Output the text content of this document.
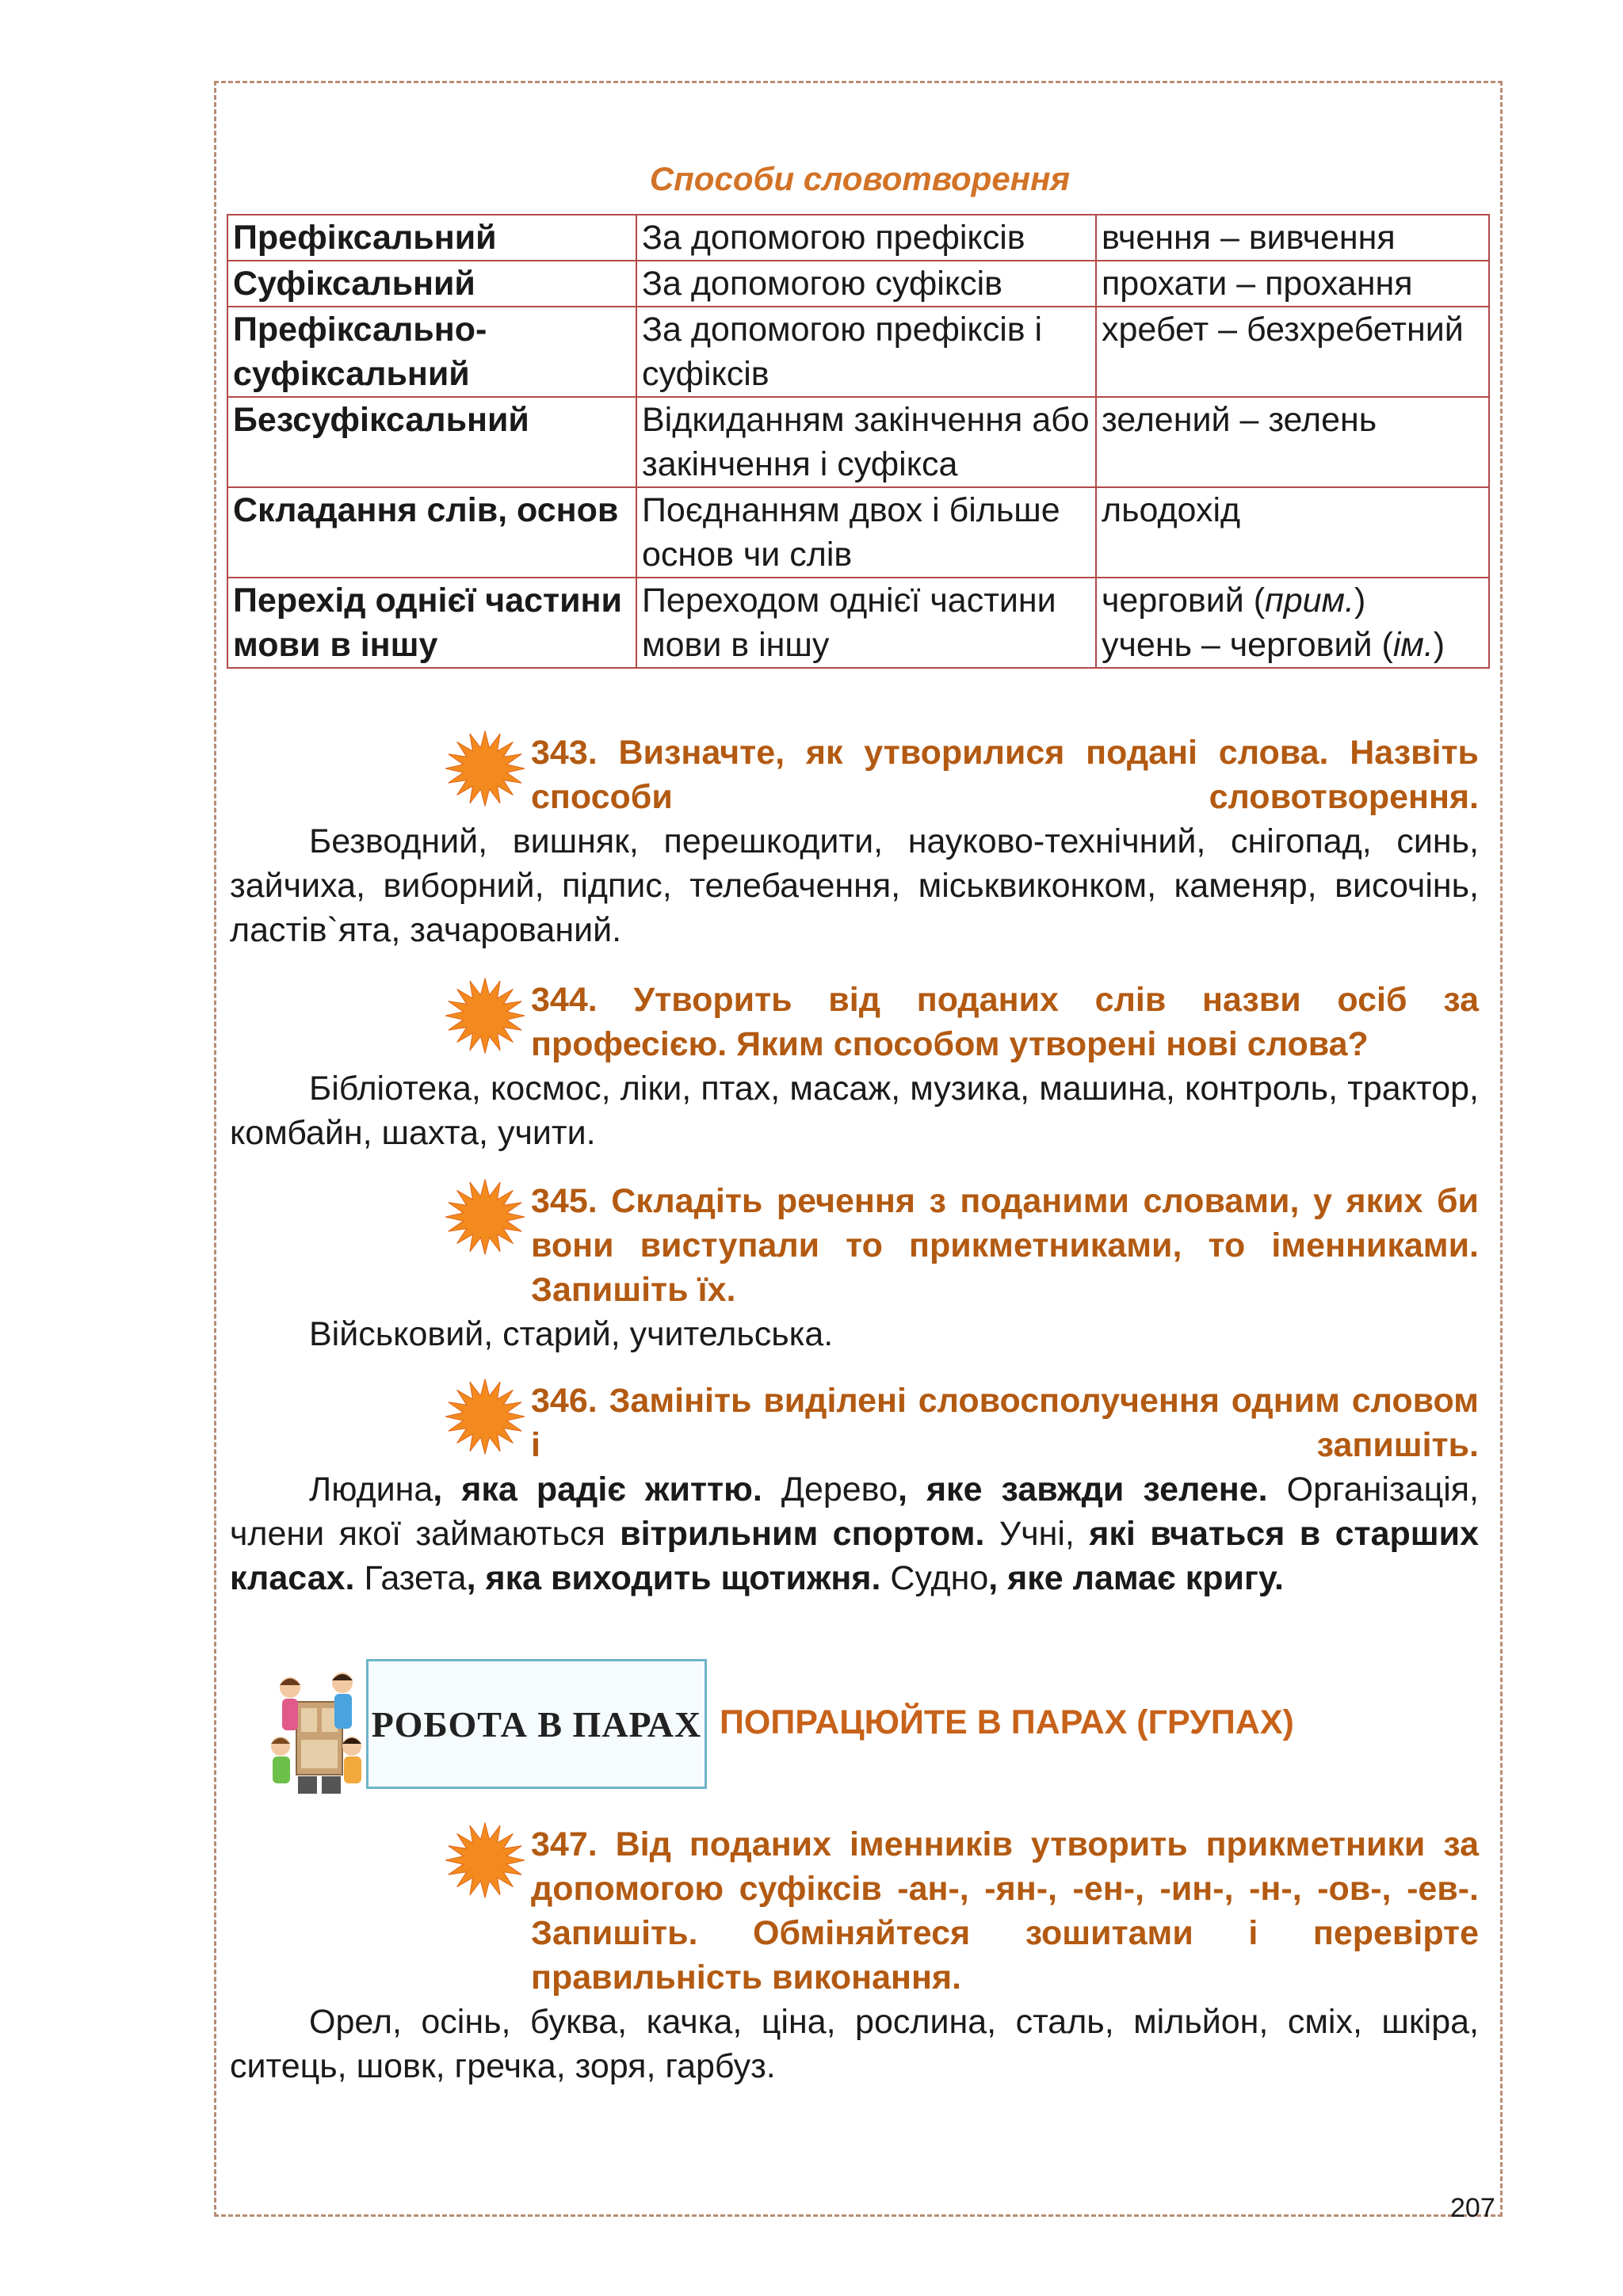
Способи словотворення
Префіксальний	За допомогою префіксів	вчення – вивчення
Суфіксальний	За допомогою суфіксів	прохати – прохання
Префіксально-суфіксальний	За допомогою префіксів і суфіксів	хребет – безхребетний
Безсуфіксальний	Відкиданням закінчення або закінчення і суфікса	зелений – зелень
Складання слів, основ	Поєднанням двох і більше основ чи слів	льодохід
Перехід однієї частини мови в іншу	Переходом однієї частини мови в іншу	черговий (прим.)
учень – черговий (ім.)
343. Визначте, як утворилися подані слова. Назвіть способи словотворення.
Безводний, вишняк, перешкодити, науково-технічний, снігопад, синь, зайчиха, виборний, підпис, телебачення, міськвиконком, каменяр, височінь, ластів`ята, зачарований.
344. Утворить від поданих слів назви осіб за професією. Яким способом утворені нові слова?
Бібліотека, космос, ліки, птах, масаж, музика, машина, контроль, трактор, комбайн, шахта, учити.
345. Складіть речення з поданими словами, у яких би вони виступали то прикметниками, то іменниками. Запишіть їх.
Військовий, старий, учительська.
346. Замініть виділені словосполучення одним словом і запишіть.
Людина, яка радіє життю. Дерево, яке завжди зелене. Організація, члени якої займаються вітрильним спортом. Учні, які вчаться в старших класах. Газета, яка виходить щотижня. Судно, яке ламає кригу.
РОБОТА В ПАРАХ ПОПРАЦЮЙТЕ В ПАРАХ (ГРУПАХ)
347. Від поданих іменників утворить прикметники за допомогою суфіксів -ан-, -ян-, -ен-, -ин-, -н-, -ов-, -ев-. Запишіть. Обміняйтеся зошитами і перевірте правильність виконання.
Орел, осінь, буква, качка, ціна, рослина, сталь, мільйон, сміх, шкіра, ситець, шовк, гречка, зоря, гарбуз.
207
